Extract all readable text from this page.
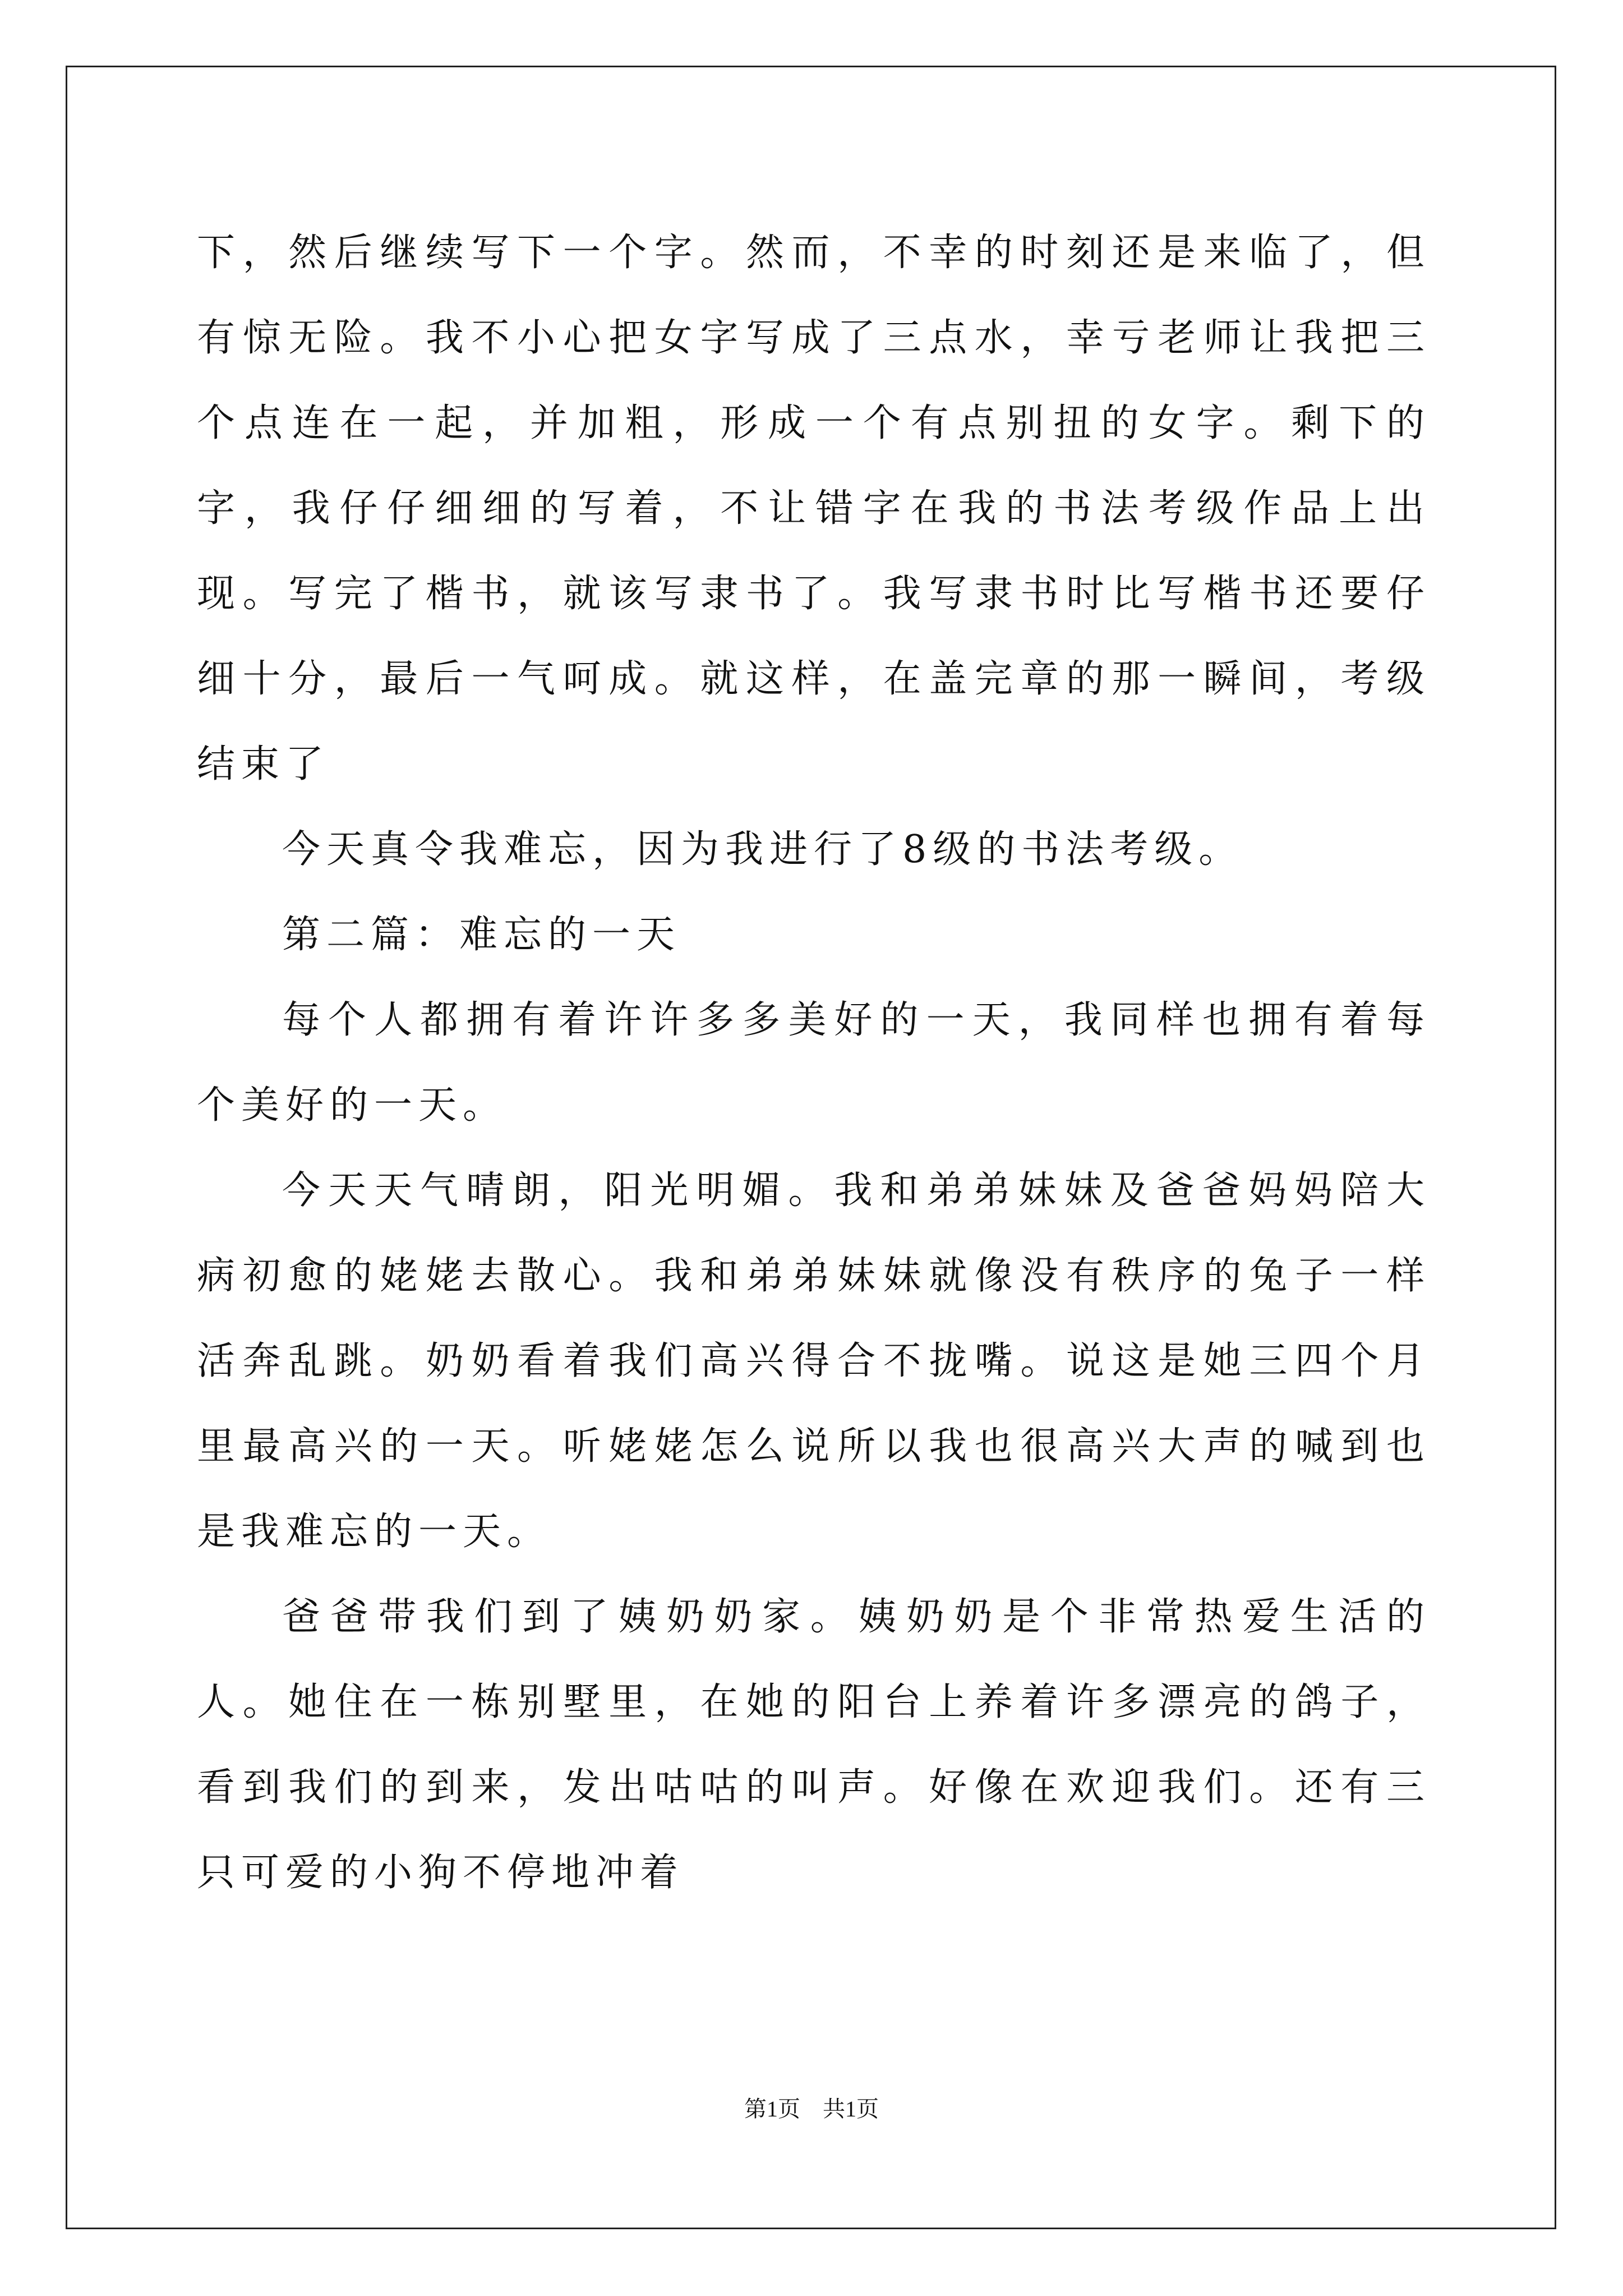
下，然后继续写下一个字。然而，不幸的时刻还是来临了，但有惊无险。我不小心把女字写成了三点水，幸亏老师让我把三个点连在一起，并加粗，形成一个有点别扭的女字。剩下的字，我仔仔细细的写着，不让错字在我的书法考级作品上出现。写完了楷书，就该写隶书了。我写隶书时比写楷书还要仔细十分，最后一气呵成。就这样，在盖完章的那一瞬间，考级结束了

今天真令我难忘，因为我进行了8级的书法考级。

第二篇：难忘的一天

每个人都拥有着许许多多美好的一天，我同样也拥有着每个美好的一天。

今天天气晴朗，阳光明媚。我和弟弟妹妹及爸爸妈妈陪大病初愈的姥姥去散心。我和弟弟妹妹就像没有秩序的兔子一样活奔乱跳。奶奶看着我们高兴得合不拢嘴。说这是她三四个月里最高兴的一天。听姥姥怎么说所以我也很高兴大声的喊到也是我难忘的一天。

爸爸带我们到了姨奶奶家。姨奶奶是个非常热爱生活的人。她住在一栋别墅里，在她的阳台上养着许多漂亮的鸽子，看到我们的到来，发出咕咕的叫声。好像在欢迎我们。还有三只可爱的小狗不停地冲着

第1页 共1页
